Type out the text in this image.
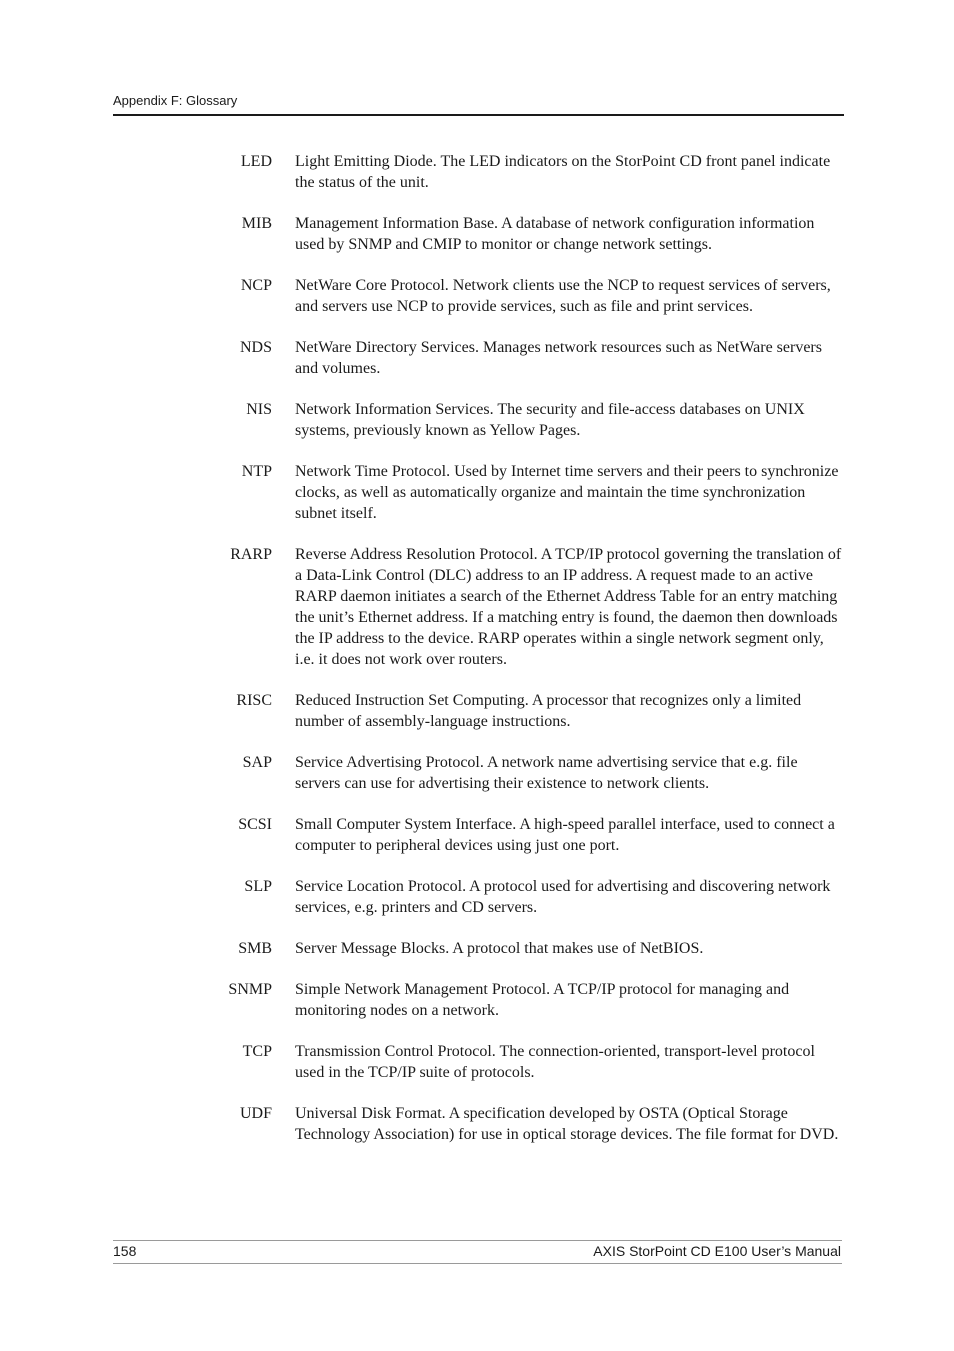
Appendix F: Glossary
LED Light Emitting Diode. The LED indicators on the StorPoint CD front panel indicate the status of the unit.
MIB Management Information Base. A database of network configuration information used by SNMP and CMIP to monitor or change network settings.
NCP NetWare Core Protocol. Network clients use the NCP to request services of servers, and servers use NCP to provide services, such as file and print services.
NDS NetWare Directory Services. Manages network resources such as NetWare servers and volumes.
NIS Network Information Services. The security and file-access databases on UNIX systems, previously known as Yellow Pages.
NTP Network Time Protocol. Used by Internet time servers and their peers to synchronize clocks, as well as automatically organize and maintain the time synchronization subnet itself.
RARP Reverse Address Resolution Protocol. A TCP/IP protocol governing the translation of a Data-Link Control (DLC) address to an IP address. A request made to an active RARP daemon initiates a search of the Ethernet Address Table for an entry matching the unit’s Ethernet address. If a matching entry is found, the daemon then downloads the IP address to the device. RARP operates within a single network segment only, i.e. it does not work over routers.
RISC Reduced Instruction Set Computing. A processor that recognizes only a limited number of assembly-language instructions.
SAP Service Advertising Protocol. A network name advertising service that e.g. file servers can use for advertising their existence to network clients.
SCSI Small Computer System Interface. A high-speed parallel interface, used to connect a computer to peripheral devices using just one port.
SLP Service Location Protocol. A protocol used for advertising and discovering network services, e.g. printers and CD servers.
SMB Server Message Blocks. A protocol that makes use of NetBIOS.
SNMP Simple Network Management Protocol. A TCP/IP protocol for managing and monitoring nodes on a network.
TCP Transmission Control Protocol. The connection-oriented, transport-level protocol used in the TCP/IP suite of protocols.
UDF Universal Disk Format. A specification developed by OSTA (Optical Storage Technology Association) for use in optical storage devices. The file format for DVD.
158	AXIS StorPoint CD E100 User’s Manual
